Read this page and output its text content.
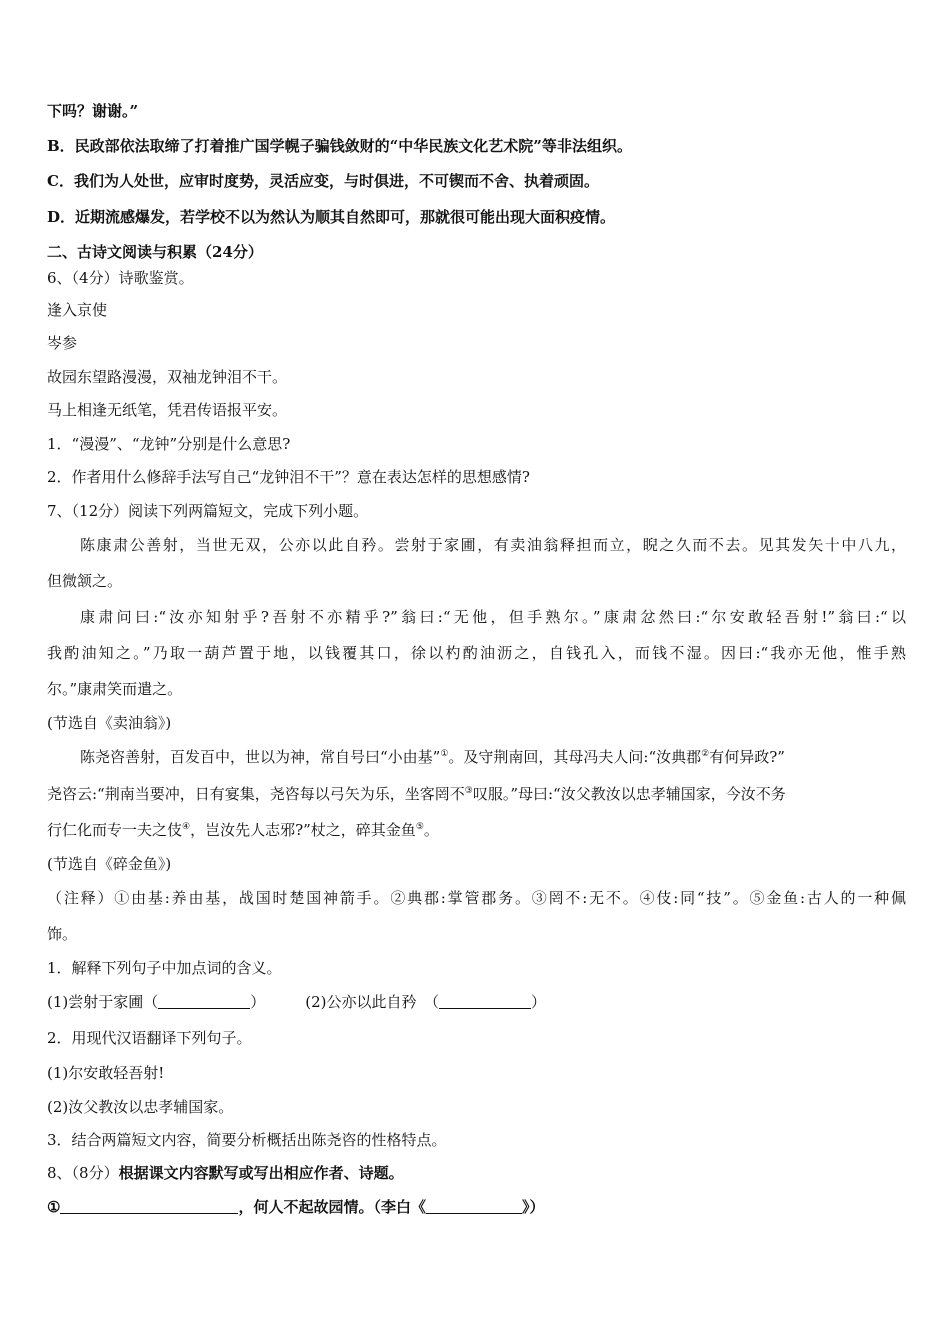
下吗？谢谢。”
B．民政部依法取缔了打着推广国学幌子骗钱敛财的“中华民族文化艺术院”等非法组织。
C．我们为人处世，应审时度势，灵活应变，与时俱进，不可锲而不舍、执着顽固。
D．近期流感爆发，若学校不以为然认为顺其自然即可，那就很可能出现大面积疫情。
二、古诗文阅读与积累（24分）
6、（4分）诗歌鉴赏。
逢入京使
岑参
故园东望路漫漫，双袖龙钟泪不干。
马上相逢无纸笔，凭君传语报平安。
1．“漫漫”、“龙钟”分别是什么意思?
2．作者用什么修辞手法写自己“龙钟泪不干”？意在表达怎样的思想感情?
7、（12分）阅读下列两篇短文，完成下列小题。
陈康肃公善射，当世无双，公亦以此自矜。尝射于家圃，有卖油翁释担而立，睨之久而不去。见其发矢十中八九，
但微颔之。
康肃问曰:“汝亦知射乎?吾射不亦精乎?”翁曰:“无他，但手熟尔。”康肃忿然曰:“尔安敢轻吾射!”翁曰:“以
我酌油知之。”乃取一葫芦置于地，以钱覆其口，徐以杓酌油沥之，自钱孔入，而钱不湿。因曰:“我亦无他，惟手熟
尔。”康肃笑而遣之。
(节选自《卖油翁》)
陈尧咨善射，百发百中，世以为神，常自号曰“小由基”①。及守荆南回，其母冯夫人问:“汝典郡②有何异政?”
尧咨云:“荆南当要冲，日有宴集，尧咨每以弓矢为乐，坐客罔不③叹服。”母曰:“汝父教汝以忠孝辅国家，今汝不务
行仁化而专一夫之伎④，岂汝先人志邪?”杖之，碎其金鱼⑤。
(节选自《碎金鱼》)
（注释）①由基:养由基，战国时楚国神箭手。②典郡:掌管郡务。③罔不:无不。④伎:同“技”。⑤金鱼:古人的一种佩
饰。
1．解释下列句子中加点词的含义。
(1)尝射于家圃（	）	(2)公亦以此自矜　（	）
2．用现代汉语翻译下列句子。
(1)尔安敢轻吾射!
(2)汝父教汝以忠孝辅国家。
3．结合两篇短文内容，简要分析概括出陈尧咨的性格特点。
8、（8分）根据课文内容默写或写出相应作者、诗题。
①	，何人不起故园情。（李白《	》）
